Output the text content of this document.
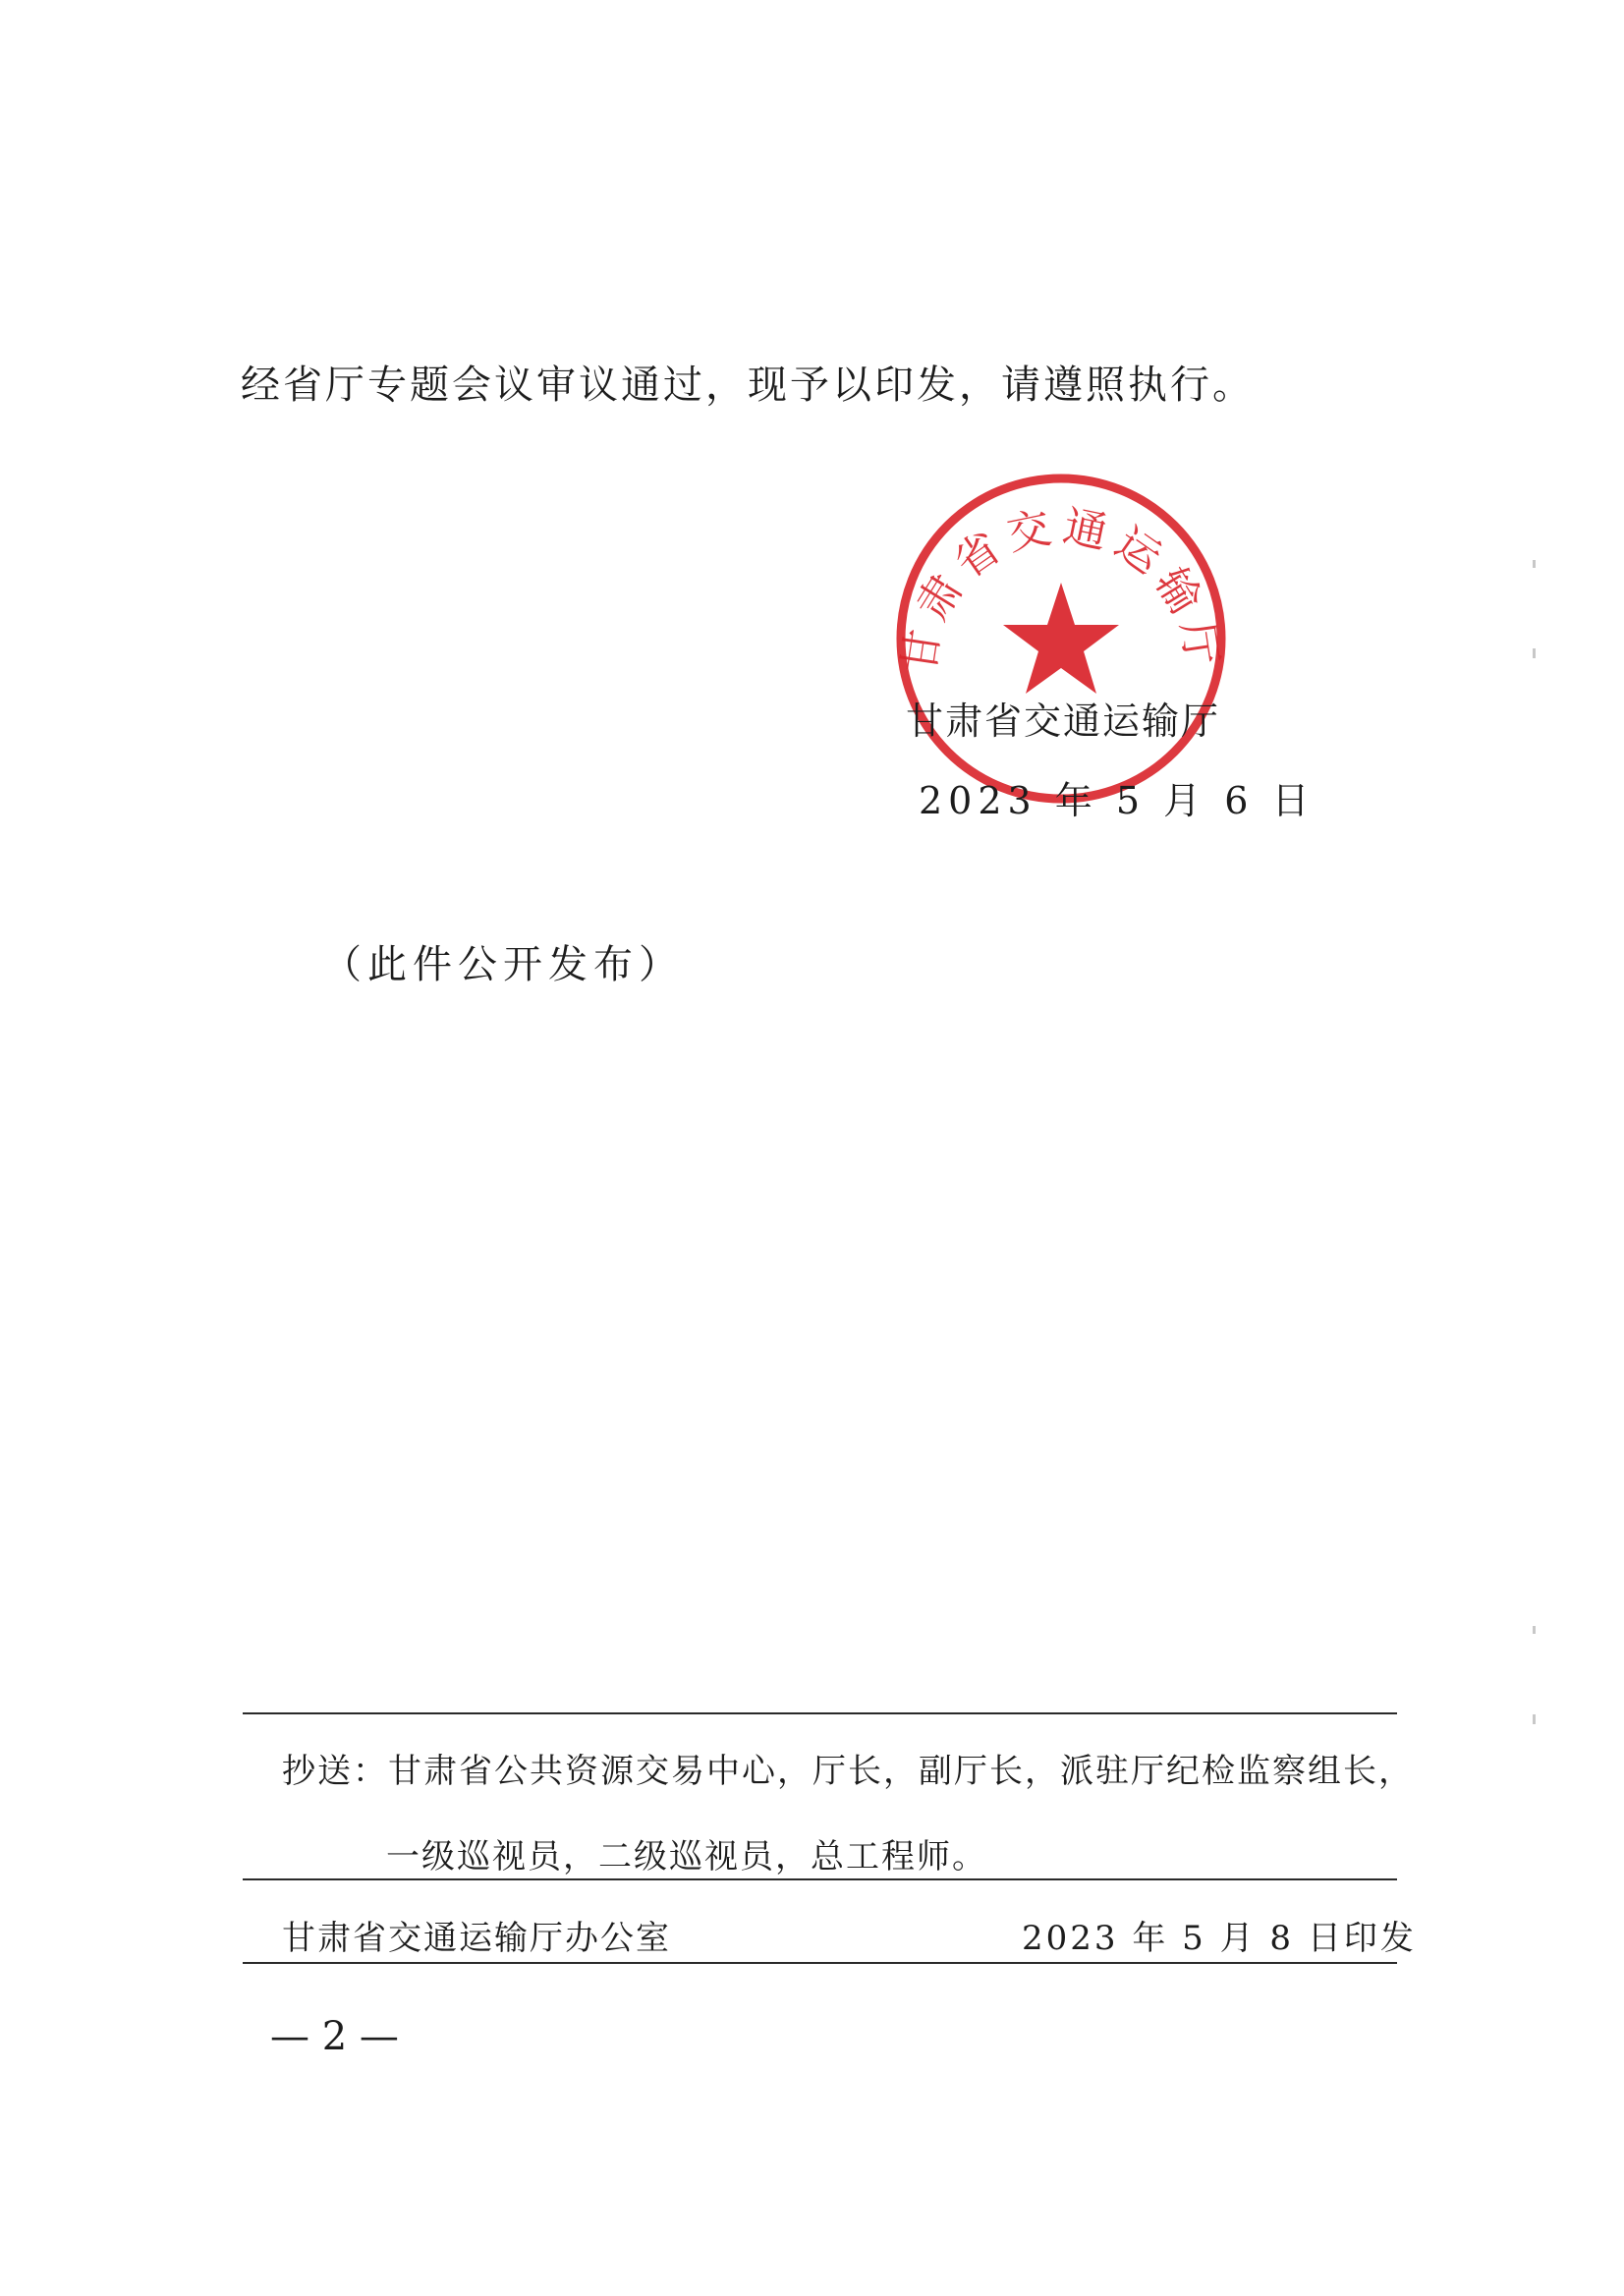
经省厅专题会议审议通过，现予以印发，请遵照执行。
甘肃省交通运输厅
甘肃省交通运输厅
2023 年 5 月 6 日
（此件公开发布）
抄送：甘肃省公共资源交易中心，厅长，副厅长，派驻厅纪检监察组长，
一级巡视员，二级巡视员，总工程师。
甘肃省交通运输厅办公室	2023 年 5 月 8 日印发
— 2 —
